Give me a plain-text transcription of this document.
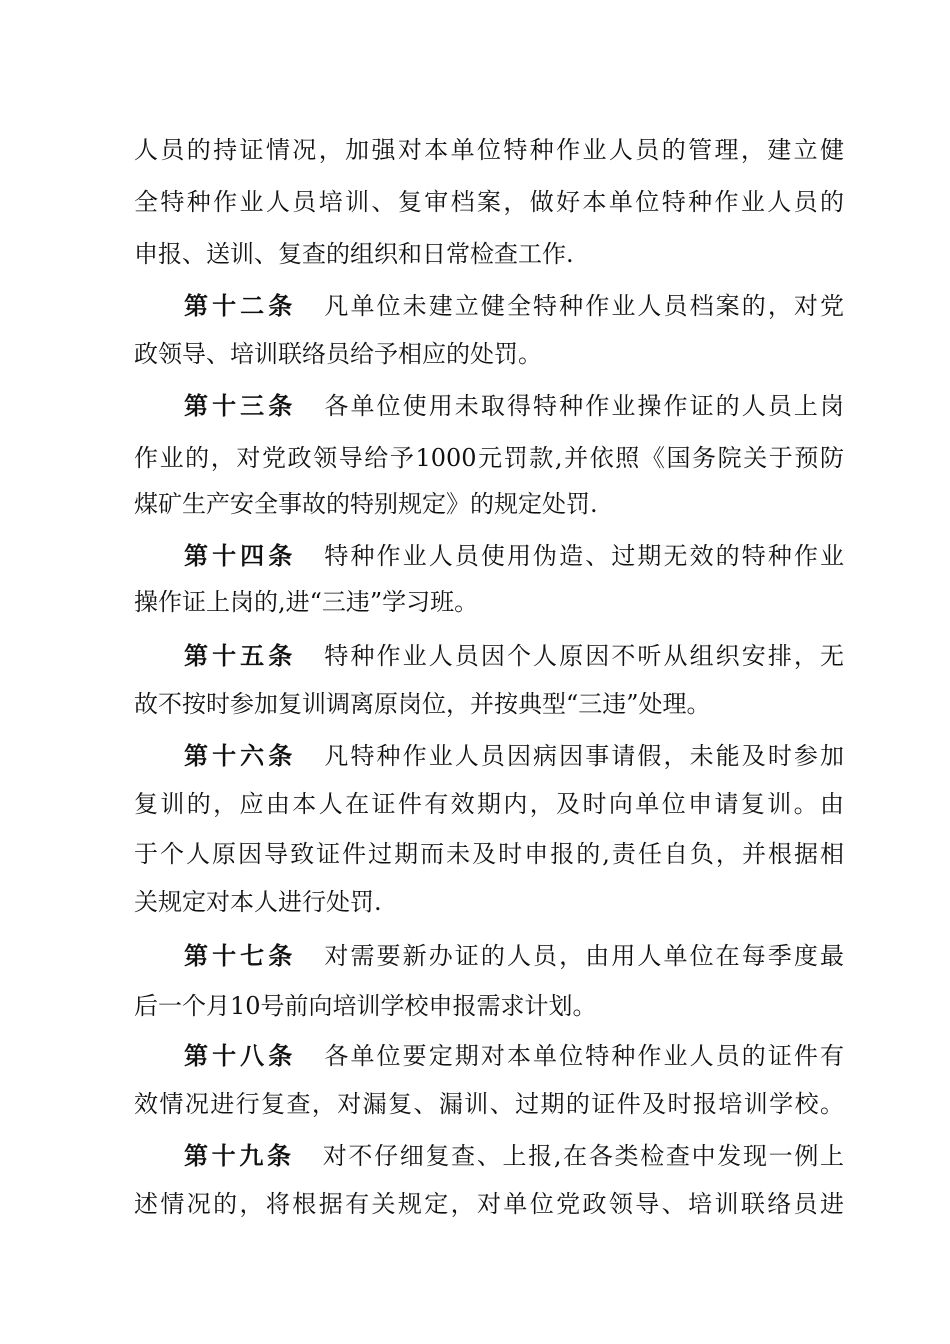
人员的持证情况，加强对本单位特种作业人员的管理，建立健
全特种作业人员培训、复审档案，做好本单位特种作业人员的
申报、送训、复查的组织和日常检查工作.
第十二条 凡单位未建立健全特种作业人员档案的，对党
政领导、培训联络员给予相应的处罚。
第十三条 各单位使用未取得特种作业操作证的人员上岗
作业的，对党政领导给予1000元罚款,并依照《国务院关于预防
煤矿生产安全事故的特别规定》的规定处罚.
第十四条 特种作业人员使用伪造、过期无效的特种作业
操作证上岗的,进“三违”学习班。
第十五条 特种作业人员因个人原因不听从组织安排，无
故不按时参加复训调离原岗位，并按典型“三违”处理。
第十六条 凡特种作业人员因病因事请假，未能及时参加
复训的，应由本人在证件有效期内，及时向单位申请复训。由
于个人原因导致证件过期而未及时申报的,责任自负，并根据相
关规定对本人进行处罚.
第十七条 对需要新办证的人员，由用人单位在每季度最
后一个月10号前向培训学校申报需求计划。
第十八条 各单位要定期对本单位特种作业人员的证件有
效情况进行复查，对漏复、漏训、过期的证件及时报培训学校。
第十九条 对不仔细复查、上报,在各类检查中发现一例上
述情况的，将根据有关规定，对单位党政领导、培训联络员进
